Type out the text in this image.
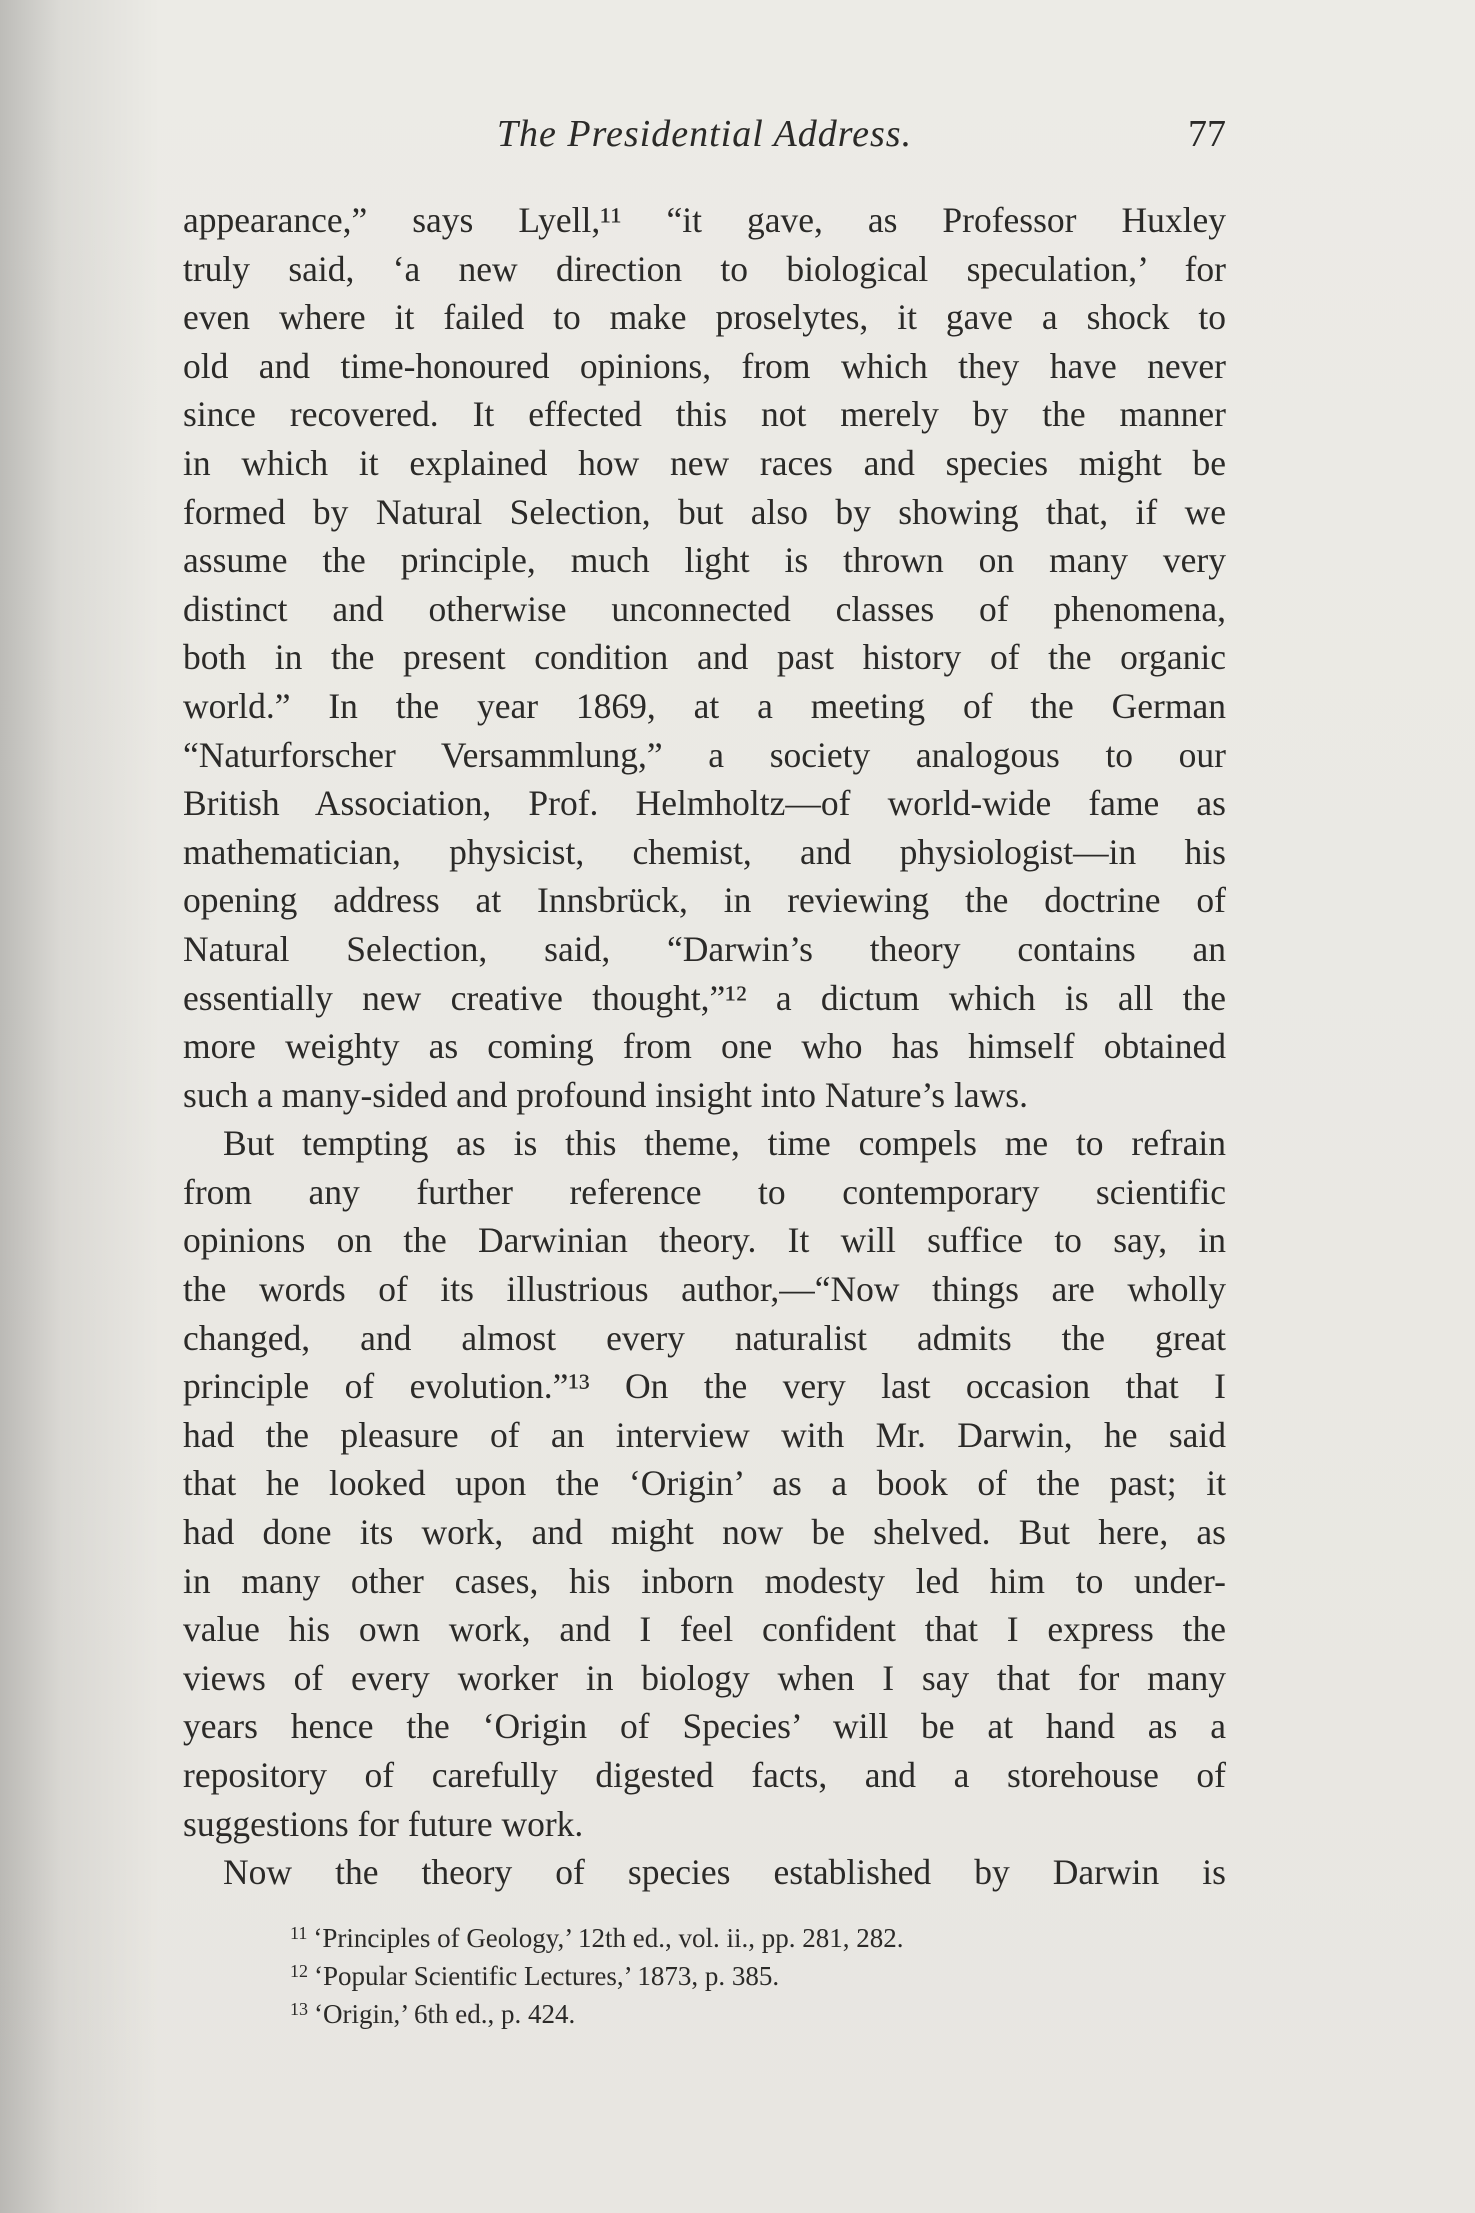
The Presidential Address.	77
appearance,” says Lyell,¹¹ “it gave, as Professor Huxley
truly said, ‘a new direction to biological speculation,’ for
even where it failed to make proselytes, it gave a shock to
old and time-honoured opinions, from which they have never
since recovered. It effected this not merely by the manner
in which it explained how new races and species might be
formed by Natural Selection, but also by showing that, if we
assume the principle, much light is thrown on many very
distinct and otherwise unconnected classes of phenomena,
both in the present condition and past history of the organic
world.” In the year 1869, at a meeting of the German
“Naturforscher Versammlung,” a society analogous to our
British Association, Prof. Helmholtz—of world-wide fame as
mathematician, physicist, chemist, and physiologist—in his
opening address at Innsbrück, in reviewing the doctrine of
Natural Selection, said, “Darwin’s theory contains an
essentially new creative thought,”¹² a dictum which is all the
more weighty as coming from one who has himself obtained
such a many-sided and profound insight into Nature’s laws.
But tempting as is this theme, time compels me to refrain
from any further reference to contemporary scientific
opinions on the Darwinian theory. It will suffice to say, in
the words of its illustrious author,—“Now things are wholly
changed, and almost every naturalist admits the great
principle of evolution.”¹³ On the very last occasion that I
had the pleasure of an interview with Mr. Darwin, he said
that he looked upon the ‘Origin’ as a book of the past; it
had done its work, and might now be shelved. But here, as
in many other cases, his inborn modesty led him to under-
value his own work, and I feel confident that I express the
views of every worker in biology when I say that for many
years hence the ‘Origin of Species’ will be at hand as a
repository of carefully digested facts, and a storehouse of
suggestions for future work.
Now the theory of species established by Darwin is
$^{11}$ ‘Principles of Geology,’ 12th ed., vol. ii., pp. 281, 282.
$^{12}$ ‘Popular Scientific Lectures,’ 1873, p. 385.
$^{13}$ ‘Origin,’ 6th ed., p. 424.
